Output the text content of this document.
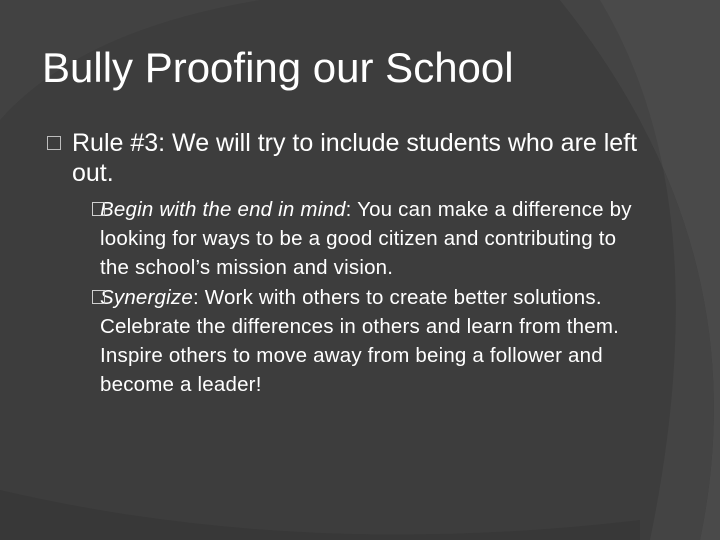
Bully Proofing our School

Rule #3: We will try to include students who are left out.

Begin with the end in mind: You can make a difference by looking for ways to be a good citizen and contributing to the school’s mission and vision.

Synergize: Work with others to create better solutions. Celebrate the differences in others and learn from them. Inspire others to move away from being a follower and become a leader!
